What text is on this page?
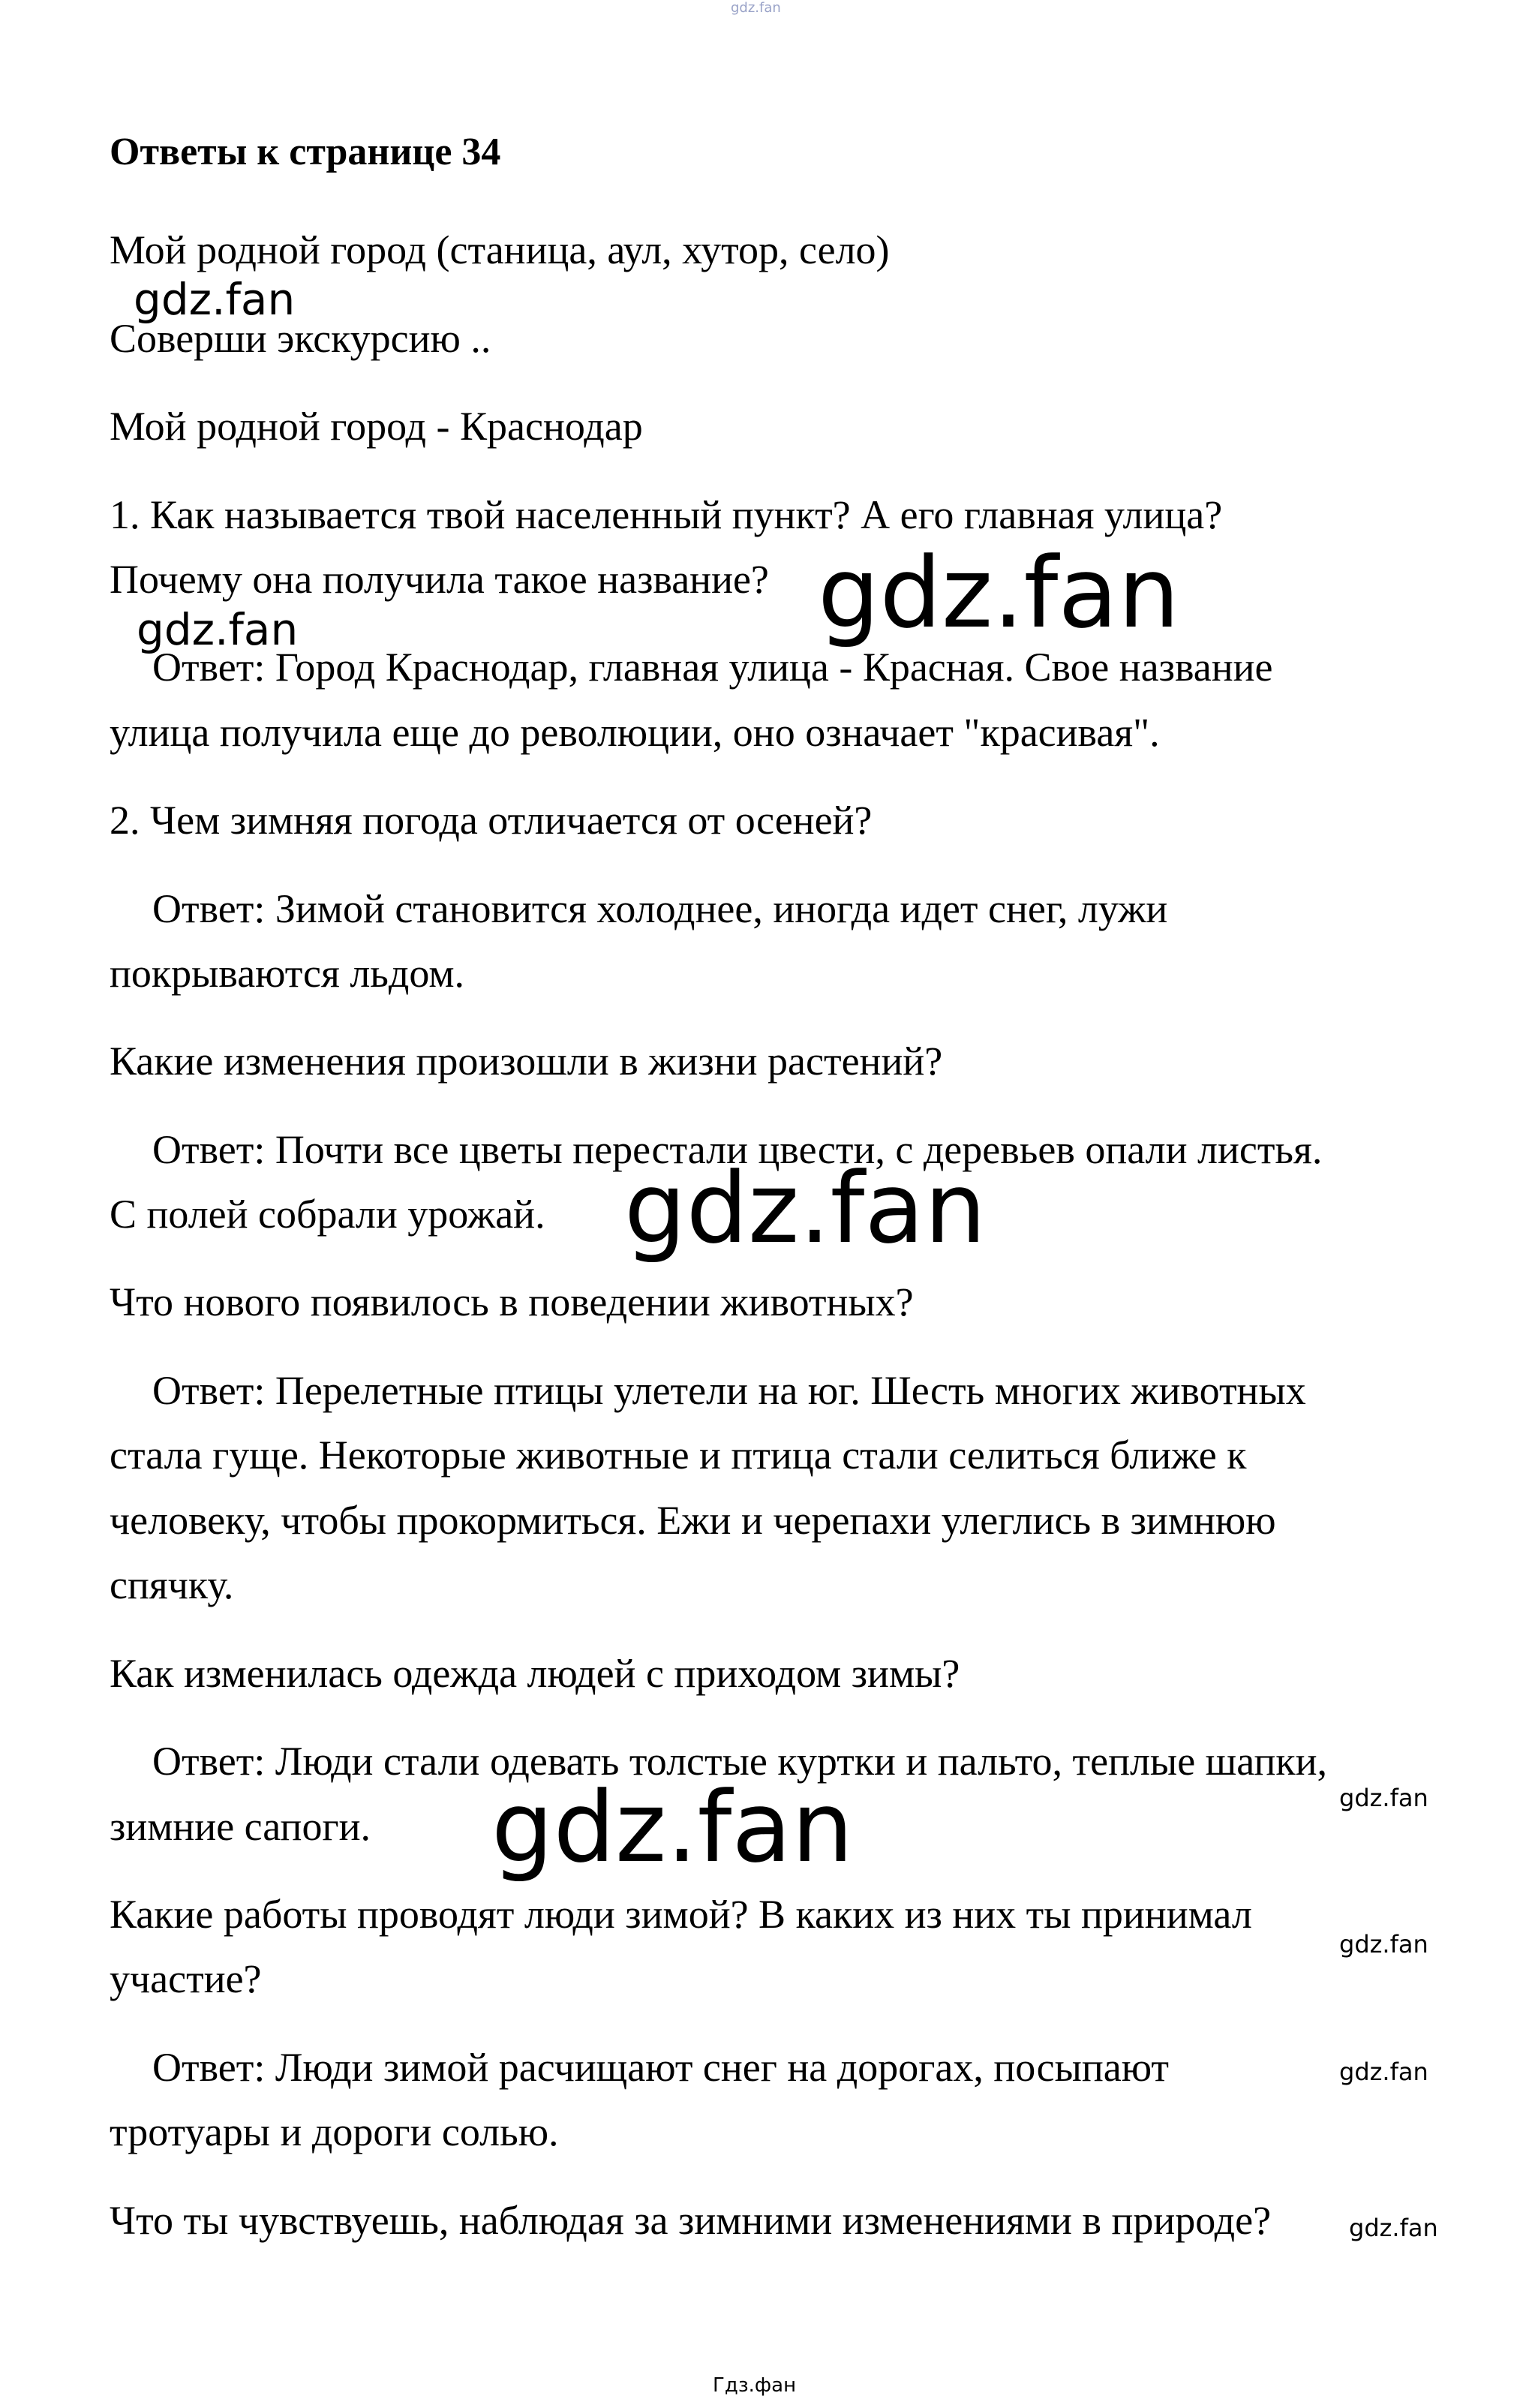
gdz.fan
Ответы к странице 34
Мой родной город (станица, аул, хутор, село)
Соверши экскурсию ..
Мой родной город - Краснодар
1. Как называется твой населенный пункт? А его главная улица?
Почему она получила такое название?
Ответ: Город Краснодар, главная улица - Красная. Свое название
улица получила еще до революции, оно означает "красивая".
2. Чем зимняя погода отличается от осеней?
Ответ: Зимой становится холоднее, иногда идет снег, лужи
покрываются льдом.
Какие изменения произошли в жизни растений?
Ответ: Почти все цветы перестали цвести, с деревьев опали листья.
С полей собрали урожай.
Что нового появилось в поведении животных?
Ответ: Перелетные птицы улетели на юг. Шесть многих животных
стала гуще. Некоторые животные и птица стали селиться ближе к
человеку, чтобы прокормиться. Ежи и черепахи улеглись в зимнюю
спячку.
Как изменилась одежда людей с приходом зимы?
Ответ: Люди стали одевать толстые куртки и пальто, теплые шапки,
зимние сапоги.
Какие работы проводят люди зимой? В каких из них ты принимал
участие?
Ответ: Люди зимой расчищают снег на дорогах, посыпают
тротуары и дороги солью.
Что ты чувствуешь, наблюдая за зимними изменениями в природе?
gdz.fan
gdz.fan
gdz.fan
gdz.fan
gdz.fan	gdz.fan
gdz.fan
gdz.fan
gdz.fan
Гдз.фан
